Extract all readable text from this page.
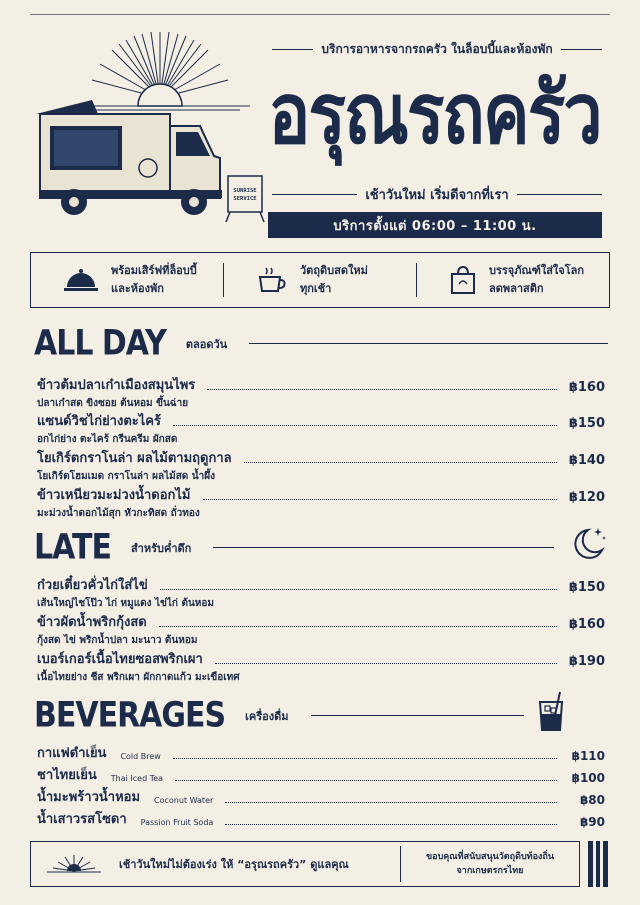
SUNRISE
SERVICE
บริการอาหารจากรถครัว ในล็อบบี้และห้องพัก
อรุณรถครัว
เช้าวันใหม่ เริ่มดีจากที่เรา
บริการตั้งแต่ 06:00 – 11:00 น.
พร้อมเสิร์ฟที่ล็อบบี้
และห้องพัก
วัตถุดิบสดใหม่
ทุกเช้า
บรรจุภัณฑ์ใส่ใจโลก
ลดพลาสติก
ALL DAY ตลอดวัน
ข้าวต้มปลาเก๋าเมืองสมุนไพร	฿160
ปลาเก๋าสด ขิงซอย ต้นหอม ขึ้นฉ่าย
แซนด์วิชไก่ย่างตะไคร้	฿150
อกไก่ย่าง ตะไคร้ กรีนครีม ผักสด
โยเกิร์ตกราโนล่า ผลไม้ตามฤดูกาล	฿140
โยเกิร์ตโฮมเมด กราโนล่า ผลไม้สด น้ำผึ้ง
ข้าวเหนียวมะม่วงน้ำดอกไม้	฿120
มะม่วงน้ำดอกไม้สุก หัวกะทิสด ถั่วทอง
LATE สำหรับค่ำดึก
ก๋วยเตี๋ยวคั่วไก่ใส่ไข่	฿150
เส้นใหญ่ไชโป๊ว ไก่ หมูแดง ไข่ไก่ ต้นหอม
ข้าวผัดน้ำพริกกุ้งสด	฿160
กุ้งสด ไข่ พริกน้ำปลา มะนาว ต้นหอม
เบอร์เกอร์เนื้อไทยซอสพริกเผา	฿190
เนื้อไทยย่าง ชีส พริกเผา ผักกาดแก้ว มะเขือเทศ
BEVERAGES เครื่องดื่ม
กาแฟดำเย็น Cold Brew	฿110
ชาไทยเย็น Thai Iced Tea	฿100
น้ำมะพร้าวน้ำหอม Coconut Water	฿80
น้ำเสาวรสโซดา Passion Fruit Soda	฿90
เช้าวันใหม่ไม่ต้องเร่ง ให้ “อรุณรถครัว” ดูแลคุณ
ขอบคุณที่สนับสนุนวัตถุดิบท้องถิ่น
จากเกษตรกรไทย
